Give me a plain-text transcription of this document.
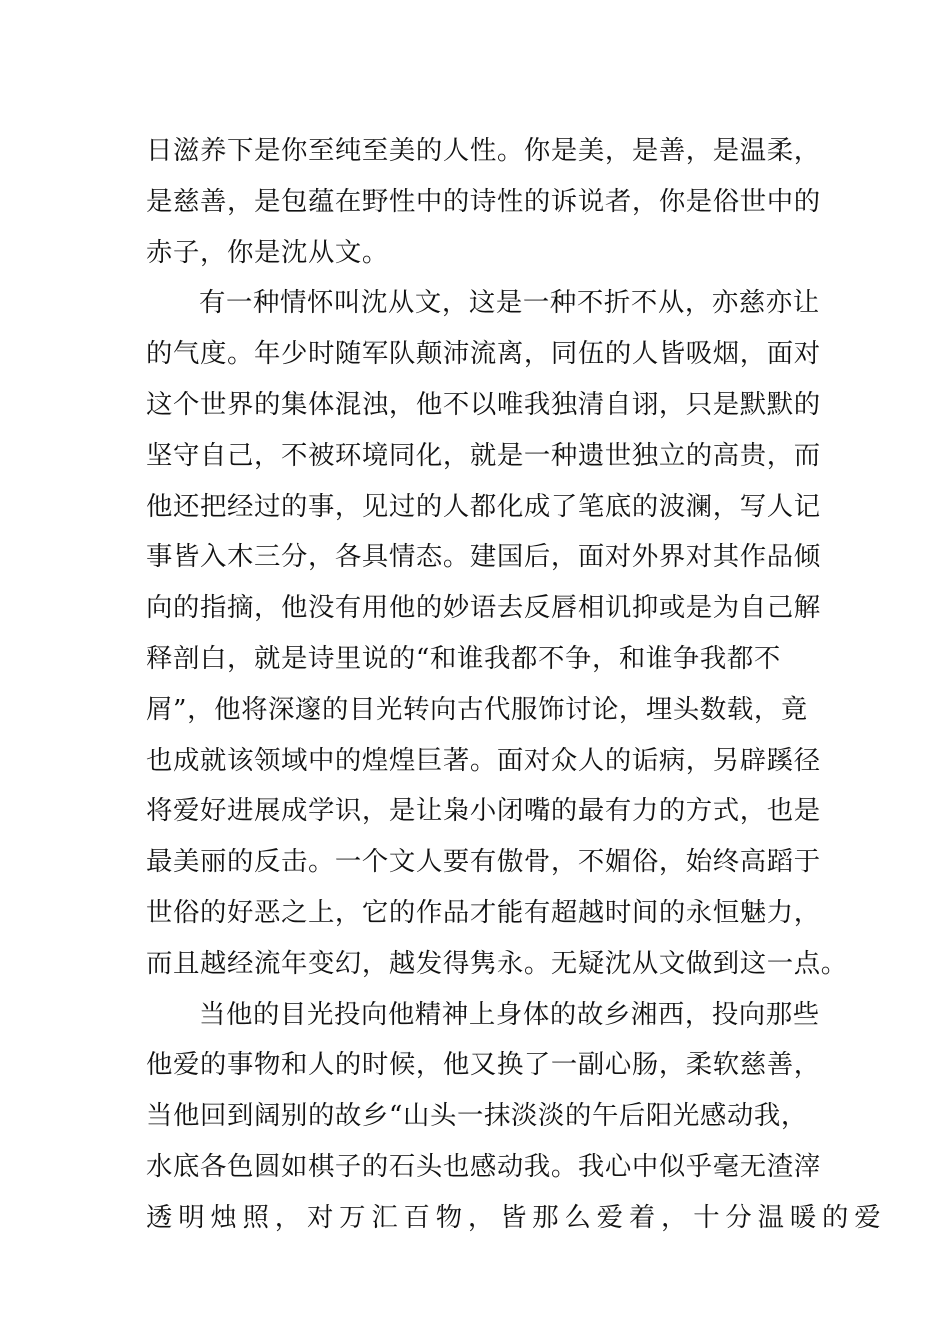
日滋养下是你至纯至美的人性。你是美，是善，是温柔，
是慈善，是包蕴在野性中的诗性的诉说者，你是俗世中的
赤子，你是沈从文。
有一种情怀叫沈从文，这是一种不折不从，亦慈亦让
的气度。年少时随军队颠沛流离，同伍的人皆吸烟，面对
这个世界的集体混浊，他不以唯我独清自诩，只是默默的
坚守自己，不被环境同化，就是一种遗世独立的高贵，而
他还把经过的事，见过的人都化成了笔底的波澜，写人记
事皆入木三分，各具情态。建国后，面对外界对其作品倾
向的指摘，他没有用他的妙语去反唇相讥抑或是为自己解
释剖白，就是诗里说的“和谁我都不争，和谁争我都不
屑”，他将深邃的目光转向古代服饰讨论，埋头数载，竟
也成就该领域中的煌煌巨著。面对众人的诟病，另辟蹊径
将爱好进展成学识，是让枭小闭嘴的最有力的方式，也是
最美丽的反击。一个文人要有傲骨，不媚俗，始终高蹈于
世俗的好恶之上，它的作品才能有超越时间的永恒魅力，
而且越经流年变幻，越发得隽永。无疑沈从文做到这一点。
当他的目光投向他精神上身体的故乡湘西，投向那些
他爱的事物和人的时候，他又换了一副心肠，柔软慈善，
当他回到阔别的故乡“山头一抹淡淡的午后阳光感动我，
水底各色圆如棋子的石头也感动我。我心中似乎毫无渣滓
透明烛照，对万汇百物，皆那么爱着，十分温暖的爱
